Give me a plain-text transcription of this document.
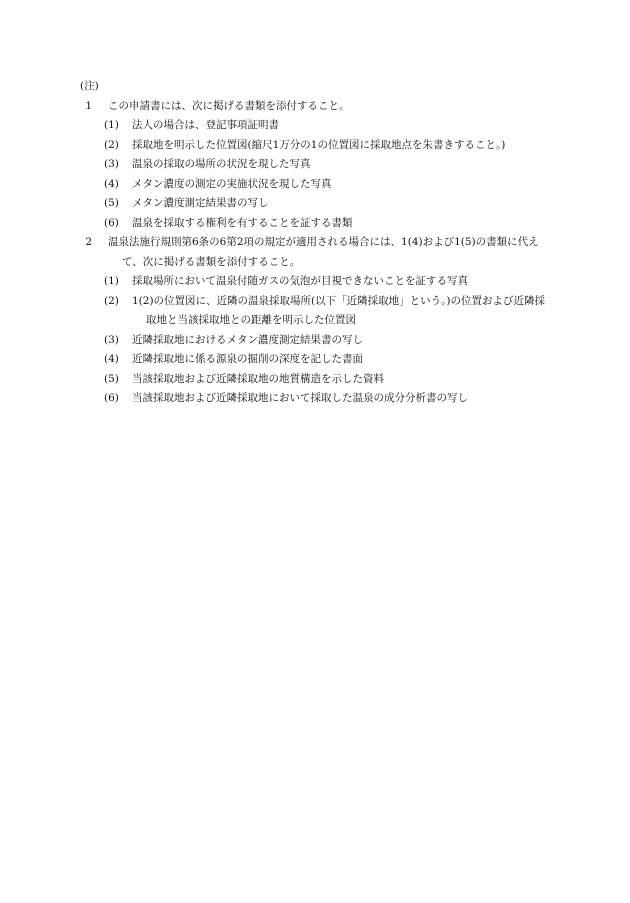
(注)
1	この申請書には、次に掲げる書類を添付すること。
(1)	法人の場合は、登記事項証明書
(2)	採取地を明示した位置図(縮尺1万分の1の位置図に採取地点を朱書きすること。)
(3)	温泉の採取の場所の状況を現した写真
(4)	メタン濃度の測定の実施状況を現した写真
(5)	メタン濃度測定結果書の写し
(6)	温泉を採取する権利を有することを証する書類
2	温泉法施行規則第6条の6第2項の規定が適用される場合には、1(4)および1(5)の書類に代えて、次に掲げる書類を添付すること。
(1)	採取場所において温泉付随ガスの気泡が目視できないことを証する写真
(2)	1(2)の位置図に、近隣の温泉採取場所(以下「近隣採取地」という。)の位置および近隣採取地と当該採取地との距離を明示した位置図
(3)	近隣採取地におけるメタン濃度測定結果書の写し
(4)	近隣採取地に係る源泉の掘削の深度を記した書面
(5)	当該採取地および近隣採取地の地質構造を示した資料
(6)	当該採取地および近隣採取地において採取した温泉の成分分析書の写し
